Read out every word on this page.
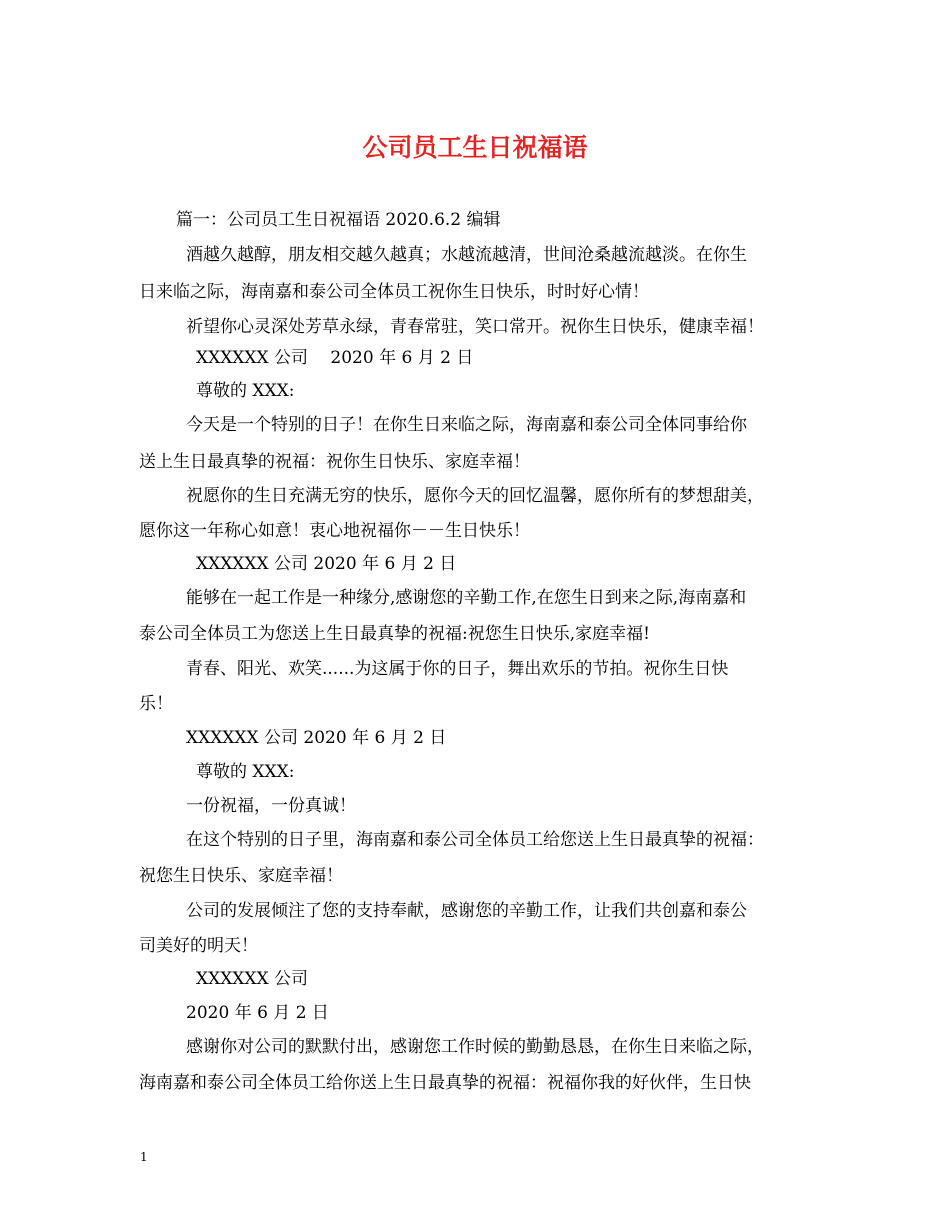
公司员工生日祝福语
篇一：公司员工生日祝福语 2020.6.2 编辑
酒越久越醇，朋友相交越久越真；水越流越清，世间沧桑越流越淡。在你生
日来临之际，海南嘉和泰公司全体员工祝你生日快乐，时时好心情！
祈望你心灵深处芳草永绿，青春常驻，笑口常开。祝你生日快乐，健康幸福！
XXXXXX 公司　 2020 年 6 月 2 日
尊敬的 XXX:
今天是一个特别的日子！在你生日来临之际，海南嘉和泰公司全体同事给你
送上生日最真挚的祝福：祝你生日快乐、家庭幸福！
祝愿你的生日充满无穷的快乐，愿你今天的回忆温馨，愿你所有的梦想甜美，
愿你这一年称心如意！衷心地祝福你－－生日快乐！
XXXXXX 公司 2020 年 6 月 2 日
能够在一起工作是一种缘分,感谢您的辛勤工作,在您生日到来之际,海南嘉和
泰公司全体员工为您送上生日最真挚的祝福:祝您生日快乐,家庭幸福!
青春、阳光、欢笑......为这属于你的日子，舞出欢乐的节拍。祝你生日快
乐！
XXXXXX 公司 2020 年 6 月 2 日
尊敬的 XXX:
一份祝福，一份真诚！
在这个特别的日子里，海南嘉和泰公司全体员工给您送上生日最真挚的祝福：
祝您生日快乐、家庭幸福！
公司的发展倾注了您的支持奉献，感谢您的辛勤工作，让我们共创嘉和泰公
司美好的明天！
XXXXXX 公司
2020 年 6 月 2 日
感谢你对公司的默默付出，感谢您工作时候的勤勤恳恳，在你生日来临之际，
海南嘉和泰公司全体员工给你送上生日最真挚的祝福：祝福你我的好伙伴，生日快
1
